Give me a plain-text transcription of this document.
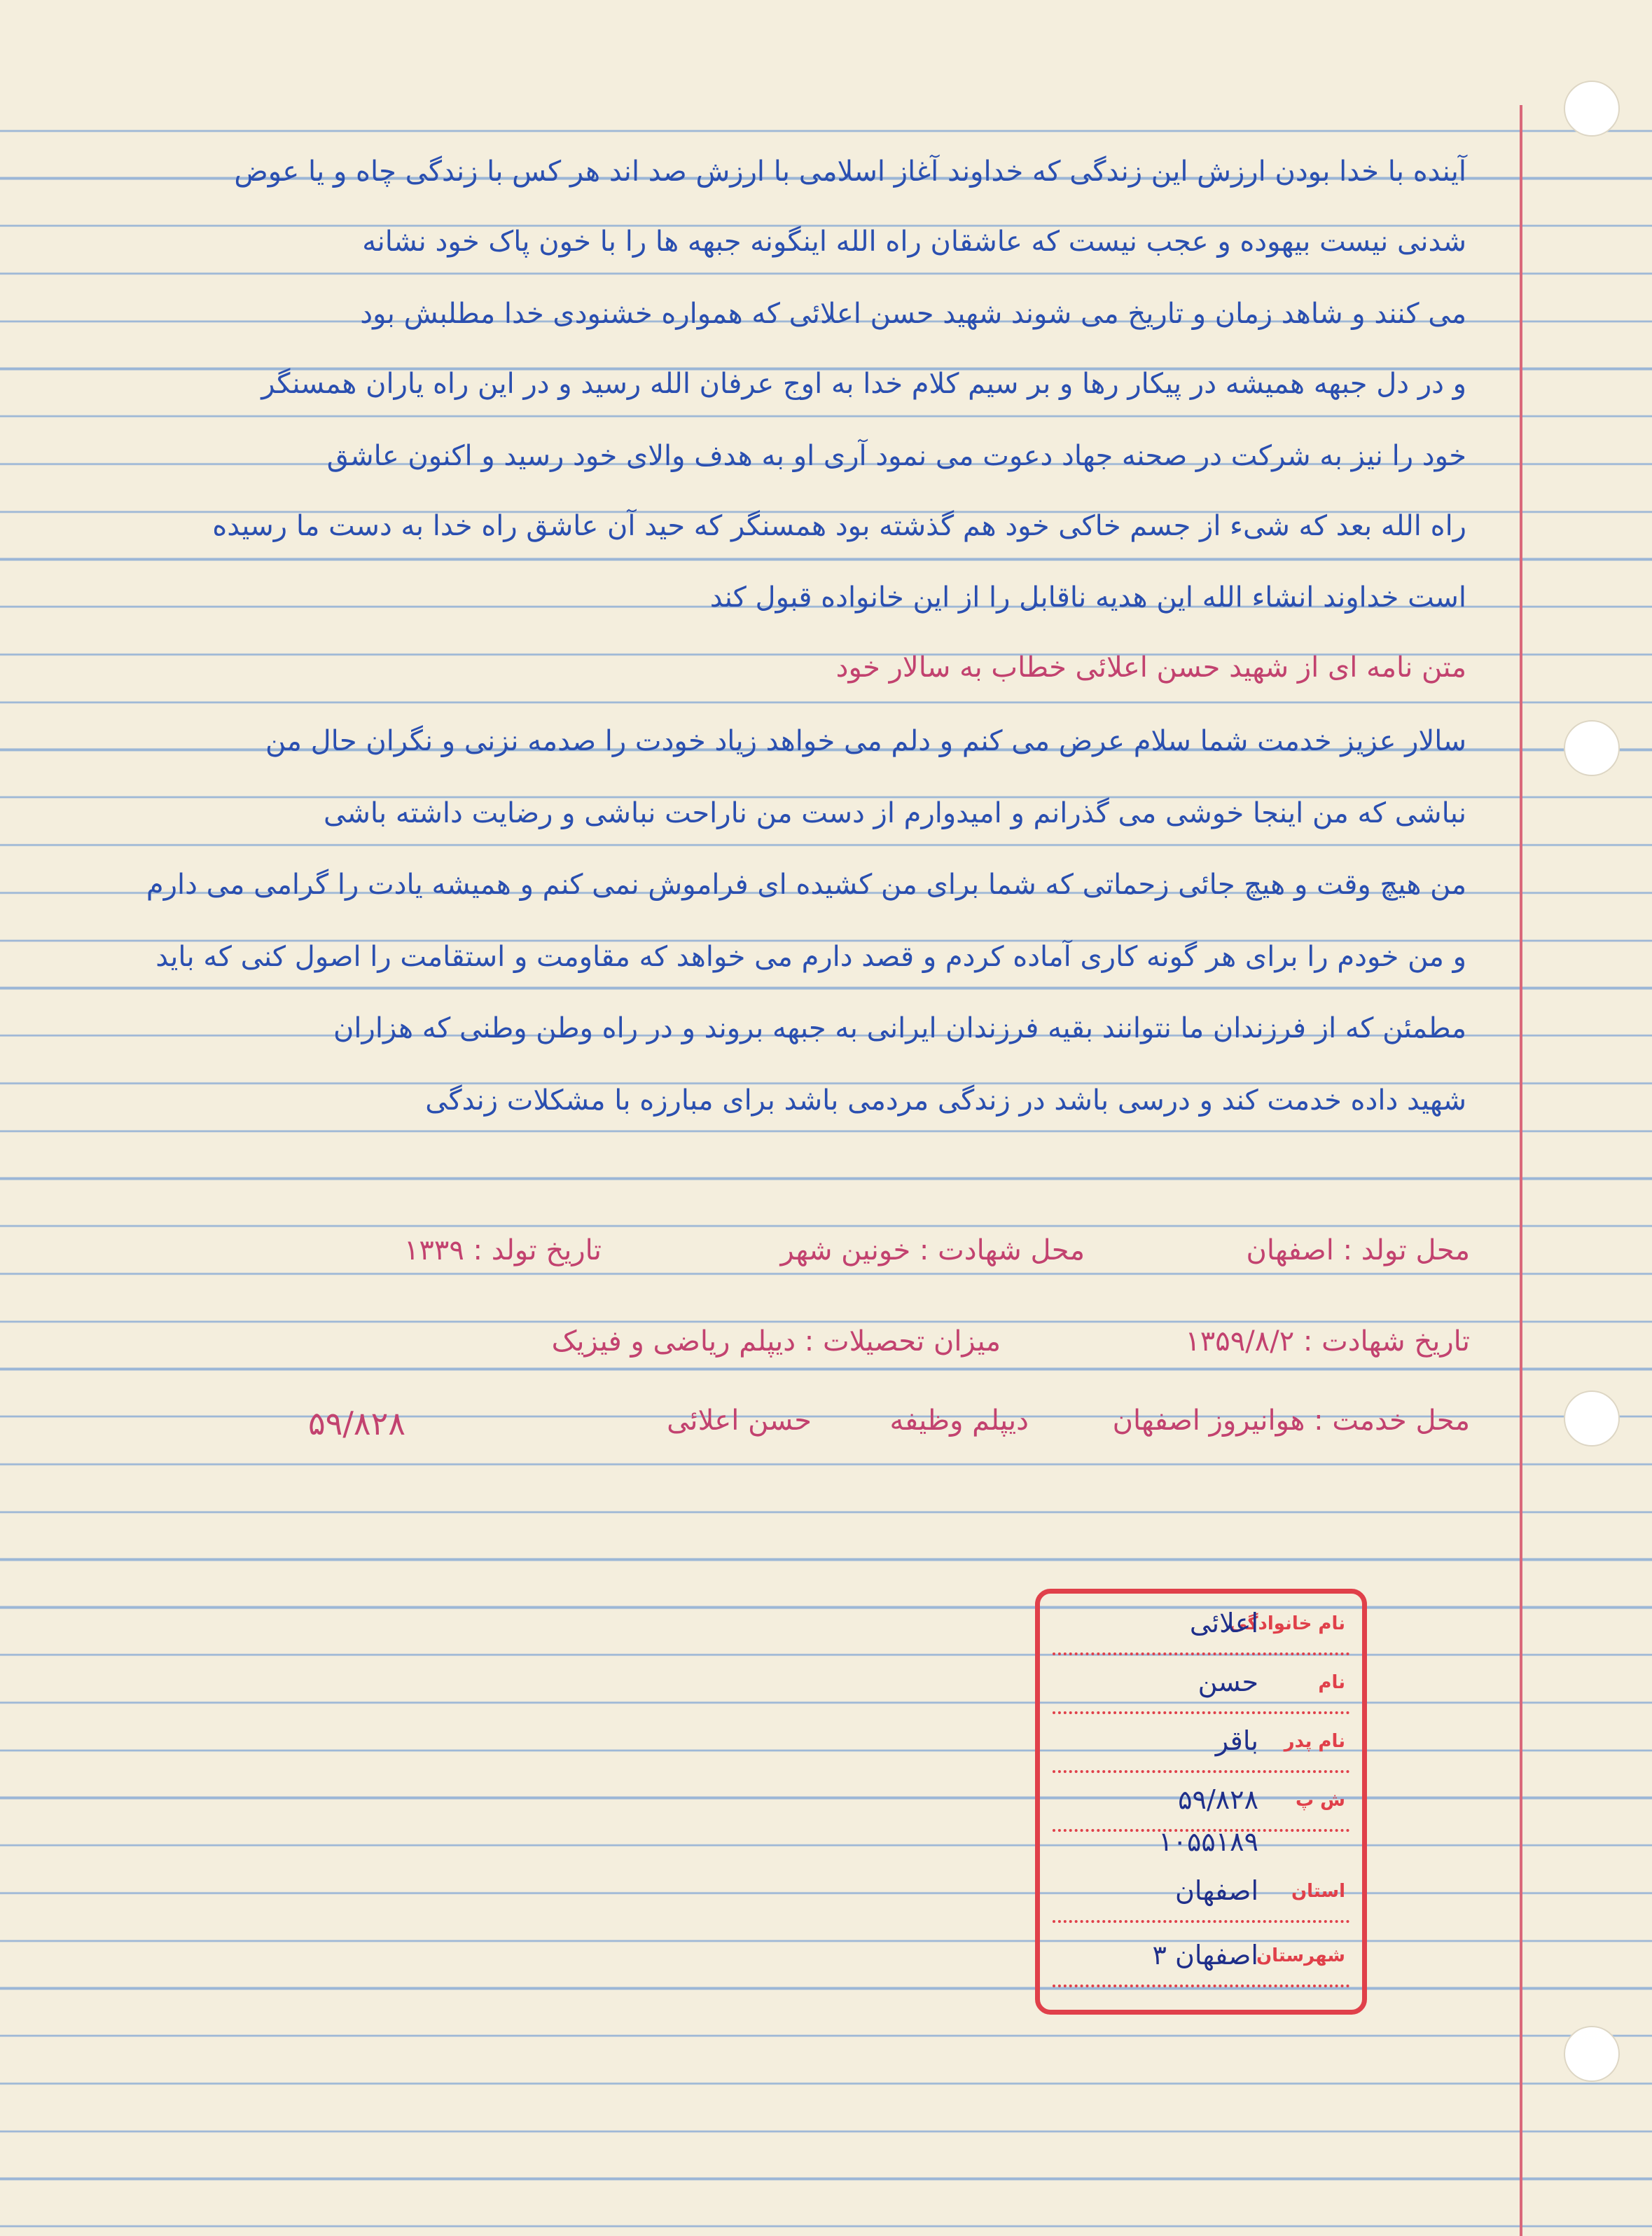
آینده با خدا بودن ارزش این زندگی که خداوند آغاز اسلامی با ارزش صد اند هر کس با زندگی چاه و یا عوض
شدنی نیست بیهوده و عجب نیست که عاشقان راه الله اینگونه جبهه ها را با خون پاک خود نشانه
می کنند و شاهد زمان و تاریخ می شوند شهید حسن اعلائی که همواره خشنودی خدا مطلبش بود
و در دل جبهه همیشه در پیکار رها و بر سیم کلام خدا به اوج عرفان الله رسید و در این راه یاران همسنگر
خود را نیز به شرکت در صحنه جهاد دعوت می نمود آری او به هدف والای خود رسید و اکنون عاشق
راه الله بعد که شیء از جسم خاکی خود هم گذشته بود همسنگر که حید آن عاشق راه خدا به دست ما رسیده
است خداوند انشاء الله این هدیه ناقابل را از این خانواده قبول کند
متن نامه ای از شهید حسن اعلائی خطاب به سالار خود
سالار عزیز خدمت شما سلام عرض می کنم و دلم می خواهد زیاد خودت را صدمه نزنی و نگران حال من
نباشی که من اینجا خوشی می گذرانم و امیدوارم از دست من ناراحت نباشی و رضایت داشته باشی
من هیچ وقت و هیچ جائی زحماتی که شما برای من کشیده ای فراموش نمی کنم و همیشه یادت را گرامی می دارم
و من خودم را برای هر گونه کاری آماده کردم و قصد دارم می خواهد که مقاومت و استقامت را اصول کنی که باید
مطمئن که از فرزندان ما نتوانند بقیه فرزندان ایرانی به جبهه بروند و در راه وطن وطنی که هزاران
شهید داده خدمت کند و درسی باشد در زندگی مردمی باشد برای مبارزه با مشکلات زندگی
محل تولد : اصفهان
محل شهادت : خونین شهر
تاریخ تولد : ۱۳۳۹
تاریخ شهادت : ۱۳۵۹/۸/۲
میزان تحصیلات : دیپلم ریاضی و فیزیک
محل خدمت : هوانیروز اصفهان
دیپلم وظیفه
حسن اعلائی
۵۹/۸۲۸
نام خانوادگی
اعلائی
نام
حسن
نام پدر
باقر
ش پ
۵۹/۸۲۸
۱۰۵۵۱۸۹
استان
اصفهان
شهرستان
اصفهان ۳
